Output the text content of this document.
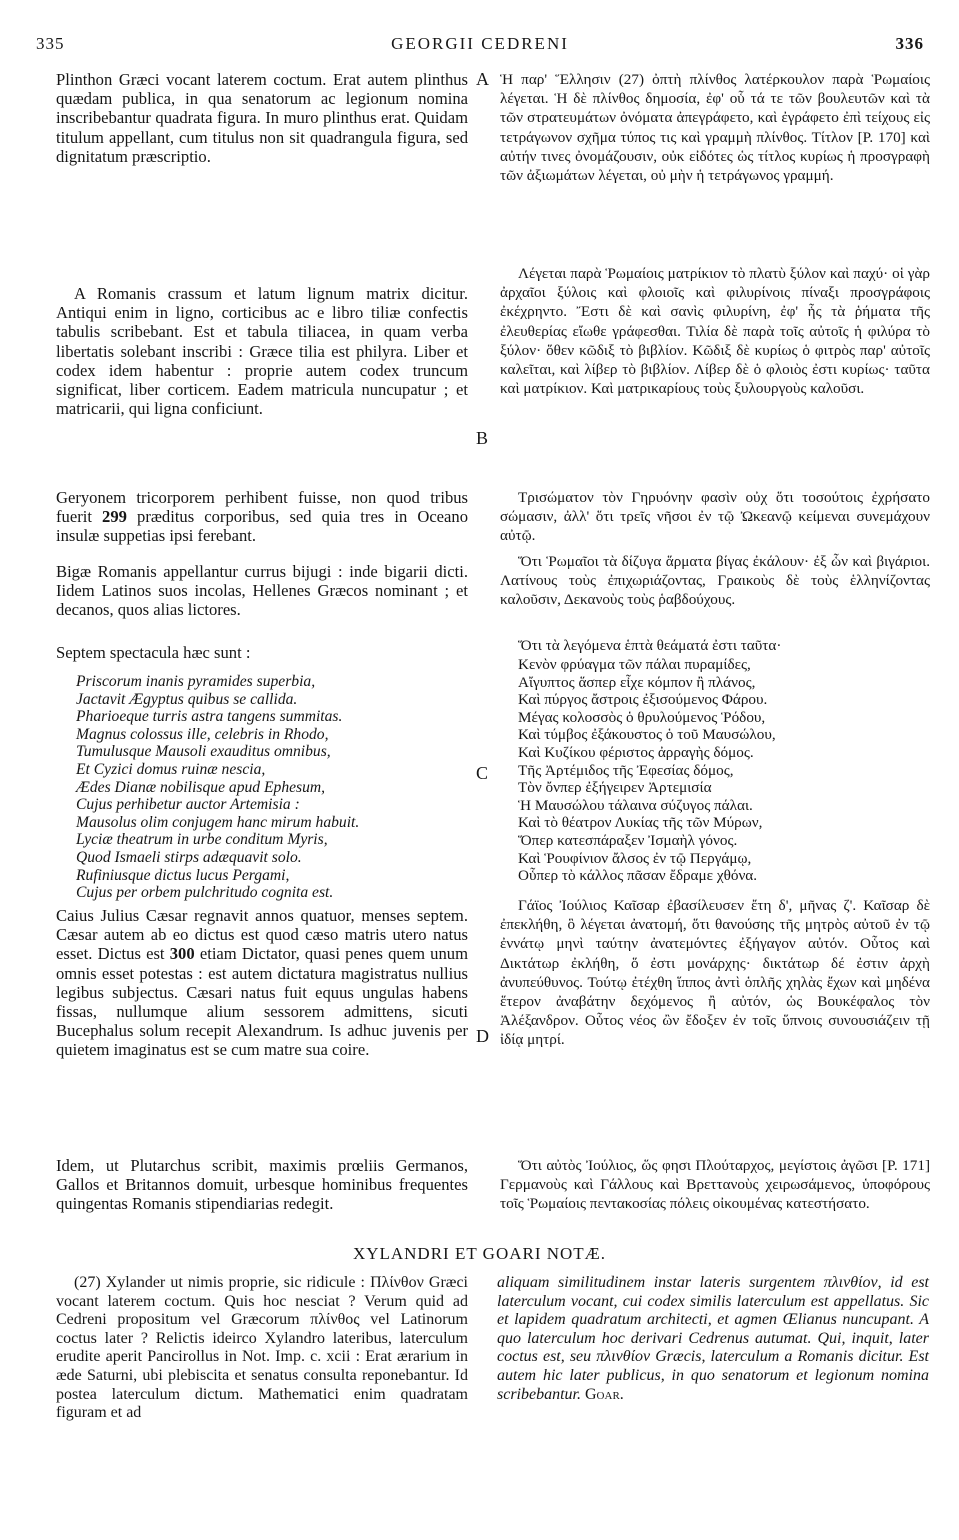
335	GEORGII CEDRENI	336
A
B
C
D

Plinthon Græci vocant laterem coctum. Erat autem plinthus quædam publica, in qua senatorum ac legionum nomina inscribebantur quadrata figura. In muro plinthus erat. Quidam titulum appellant, cum titulus non sit quadrangula figura, sed dignitatum præscriptio.

A Romanis crassum et latum lignum matrix dicitur. Antiqui enim in ligno, corticibus ac e libro tiliæ confectis tabulis scribebant. Est et tabula tiliacea, in quam verba libertatis solebant inscribi : Græce tilia est philyra. Liber et codex idem habentur : proprie autem codex truncum significat, liber corticem. Eadem matricula nuncupatur ; et matricarii, qui ligna conficiunt.

Geryonem tricorporem perhibent fuisse, non quod tribus fuerit 299 præditus corporibus, sed quia tres in Oceano insulæ suppetias ipsi ferebant.

Bigæ Romanis appellantur currus bijugi : inde bigarii dicti. Iidem Latinos suos incolas, Hellenes Græcos nominant ; et decanos, quos alias lictores.

Septem spectacula hæc sunt :

Priscorum inanis pyramides superbia,
Jactavit Ægyptus quibus se callida.
Pharioeque turris astra tangens summitas.
Magnus colossus ille, celebris in Rhodo,
Tumulusque Mausoli exauditus omnibus,
Et Cyzici domus ruinæ nescia,
Ædes Dianæ nobilisque apud Ephesum,
Cujus perhibetur auctor Artemisia :
Mausolus olim conjugem hanc mirum habuit.
Lyciæ theatrum in urbe conditum Myris,
Quod Ismaeli stirps adæquavit solo.
Rufiniusque dictus lucus Pergami,
Cujus per orbem pulchritudo cognita est.

Caius Julius Cæsar regnavit annos quatuor, menses septem. Cæsar autem ab eo dictus est quod cæso matris utero natus esset. Dictus est 300 etiam Dictator, quasi penes quem unum omnis esset potestas : est autem dictatura magistratus nullius legibus subjectus. Cæsari natus fuit equus ungulas habens fissas, nullumque alium sessorem admittens, sicuti Bucephalus solum recepit Alexandrum. Is adhuc juvenis per quietem imaginatus est se cum matre sua coire.

Idem, ut Plutarchus scribit, maximis prœliis Germanos, Gallos et Britannos domuit, urbesque hominibus frequentes quingentas Romanis stipendiarias redegit.

Ἡ παρ' Ἕλλησιν (27) ὀπτὴ πλίνθος λατέρκουλον παρὰ Ῥωμαίοις λέγεται. Ἡ δὲ πλίνθος δημοσία, ἐφ' οὗ τά τε τῶν βουλευτῶν καὶ τὰ τῶν στρατευμάτων ὀνόματα ἀπεγράφετο, καὶ ἐγράφετο ἐπὶ τείχους εἰς τετράγωνον σχῆμα τύπος τις καὶ γραμμὴ πλίνθος. Τίτλον [P. 170] καὶ αὐτήν τινες ὀνομάζουσιν, οὐκ εἰδότες ὡς τίτλος κυρίως ἡ προσγραφὴ τῶν ἀξιωμάτων λέγεται, οὐ μὴν ἡ τετράγωνος γραμμή.

Λέγεται παρὰ Ῥωμαίοις ματρίκιον τὸ πλατὺ ξύλον καὶ παχύ· οἱ γὰρ ἀρχαῖοι ξύλοις καὶ φλοιοῖς καὶ φιλυρίνοις πίναξι προσγράφοις ἐκέχρηντο. Ἔστι δὲ καὶ σανὶς φιλυρίνη, ἐφ' ἧς τὰ ῥήματα τῆς ἐλευθερίας εἴωθε γράφεσθαι. Τιλία δὲ παρὰ τοῖς αὐτοῖς ἡ φιλύρα τὸ ξύλον· ὅθεν κῶδιξ τὸ βιβλίον. Κῶδιξ δὲ κυρίως ὁ φιτρὸς παρ' αὐτοῖς καλεῖται, καὶ λίβερ τὸ βιβλίον. Λίβερ δὲ ὁ φλοιὸς ἐστι κυρίως· ταῦτα καὶ ματρίκιον. Καὶ ματρικαρίους τοὺς ξυλουργοὺς καλοῦσι.

Τρισώματον τὸν Γηρυόνην φασὶν οὐχ ὅτι τοσούτοις ἐχρήσατο σώμασιν, ἀλλ' ὅτι τρεῖς νῆσοι ἐν τῷ Ὠκεανῷ κείμεναι συνεμάχουν αὐτῷ.

Ὅτι Ῥωμαῖοι τὰ δίζυγα ἅρματα βίγας ἐκάλουν· ἐξ ὧν καὶ βιγάριοι. Λατίνους τοὺς ἐπιχωριάζοντας, Γραικοὺς δὲ τοὺς ἑλληνίζοντας καλοῦσιν, Δεκανοὺς τοὺς ῥαβδούχους.

Ὅτι τὰ λεγόμενα ἑπτὰ θεάματά ἐστι ταῦτα·

Κενὸν φρύαγμα τῶν πάλαι πυραμίδες,
Αἴγυπτος ἅσπερ εἶχε κόμπον ἢ πλάνος,
Καὶ πύργος ἄστροις ἐξισούμενος Φάρου.
Μέγας κολοσσὸς ὁ θρυλούμενος Ῥόδου,
Καὶ τύμβος ἐξάκουστος ὁ τοῦ Μαυσώλου,
Καὶ Κυζίκου φέριστος ἀρραγὴς δόμος.
Τῆς Ἀρτέμιδος τῆς Ἐφεσίας δόμος,
Τὸν ὄνπερ ἐξήγειρεν Ἀρτεμισία
Ἡ Μαυσώλου τάλαινα σύζυγος πάλαι.
Καὶ τὸ θέατρον Λυκίας τῆς τῶν Μύρων,
Ὅπερ κατεσπάραξεν Ἰσμαὴλ γόνος.
Καὶ Ῥουφίνιον ἄλσος ἐν τῷ Περγάμῳ,
Οὗπερ τὸ κάλλος πᾶσαν ἔδραμε χθόνα.

Γάϊος Ἰούλιος Καῖσαρ ἐβασίλευσεν ἔτη δ', μῆνας ζ'. Καῖσαρ δὲ ἐπεκλήθη, ὃ λέγεται ἀνατομή, ὅτι θανούσης τῆς μητρὸς αὐτοῦ ἐν τῷ ἐννάτῳ μηνὶ ταύτην ἀνατεμόντες ἐξήγαγον αὐτόν. Οὗτος καὶ Δικτάτωρ ἐκλήθη, ὅ ἐστι μονάρχης· δικτάτωρ δέ ἐστιν ἀρχὴ ἀνυπεύθυνος. Τούτῳ ἐτέχθη ἵππος ἀντὶ ὁπλῆς χηλὰς ἔχων καὶ μηδένα ἕτερον ἀναβάτην δεχόμενος ἢ αὐτόν, ὡς Βουκέφαλος τὸν Ἀλέξανδρον. Οὗτος νέος ὢν ἔδοξεν ἐν τοῖς ὕπνοις συνουσιάζειν τῇ ἰδίᾳ μητρί.

Ὅτι αὐτὸς Ἰούλιος, ὥς φησι Πλούταρχος, μεγίστοις ἀγῶσι [P. 171] Γερμανοὺς καὶ Γάλλους καὶ Βρεττανοὺς χειρωσάμενος, ὑποφόρους τοῖς Ῥωμαίοις πεντακοσίας πόλεις οἰκουμένας κατεστήσατο.

XYLANDRI ET GOARI NOTÆ.

(27) Xylander ut nimis proprie, sic ridicule : Πλίνθον Græci vocant laterem coctum. Quis hoc nesciat ? Verum quid ad Cedreni propositum vel Græcorum πλίνθος vel Latinorum coctus later ? Relictis ideirco Xylandro lateribus, laterculum erudite aperit Pancirollus in Not. Imp. c. xcii : Erat ærarium in æde Saturni, ubi plebiscita et senatus consulta reponebantur. Id postea laterculum dictum. Mathematici enim quadratam figuram et ad

aliquam similitudinem instar lateris surgentem πλινθίον, id est laterculum vocant, cui codex similis laterculum est appellatus. Sic et lapidem quadratum architecti, et agmen Œlianus nuncupant. A quo laterculum hoc derivari Cedrenus autumat. Qui, inquit, later coctus est, seu πλινθίον Græcis, laterculum a Romanis dicitur. Est autem hic later publicus, in quo senatorum et legionum nomina scribebantur. Goar.
